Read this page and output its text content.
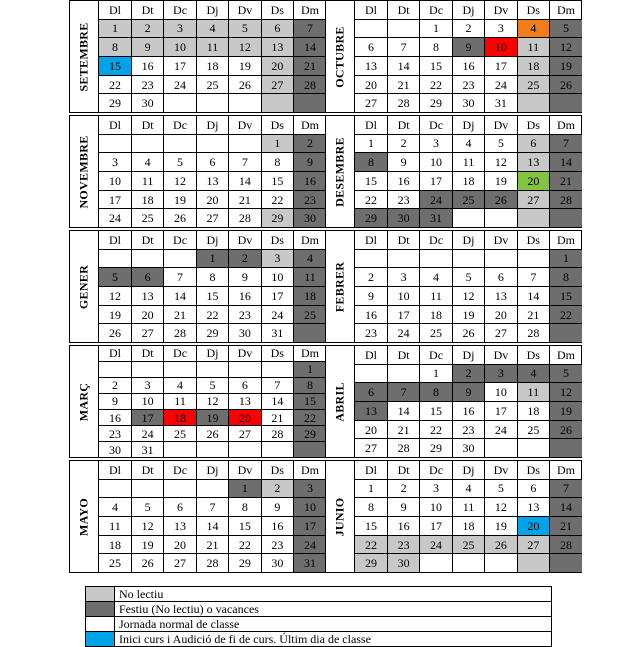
SETEMBRE
Dl	Dt	Dc	Dj	Dv	Ds	Dm
1	2	3	4	5	6	7
8	9	10	11	12	13	14
15	16	17	18	19	20	21
22	23	24	25	26	27	28
29	30					
OCTUBRE
Dl	Dt	Dc	Dj	Dv	Ds	Dm
		1	2	3	4	5
6	7	8	9	10	11	12
13	14	15	16	17	18	19
20	21	22	23	24	25	26
27	28	29	30	31		
NOVEMBRE
Dl	Dt	Dc	Dj	Dv	Ds	Dm
					1	2
3	4	5	6	7	8	9
10	11	12	13	14	15	16
17	18	19	20	21	22	23
24	25	26	27	28	29	30
DESEMBRE
Dl	Dt	Dc	Dj	Dv	Ds	Dm
1	2	3	4	5	6	7
8	9	10	11	12	13	14
15	16	17	18	19	20	21
22	23	24	25	26	27	28
29	30	31				
GENER
Dl	Dt	Dc	Dj	Dv	Ds	Dm
			1	2	3	4
5	6	7	8	9	10	11
12	13	14	15	16	17	18
19	20	21	22	23	24	25
26	27	28	29	30	31	
FEBRER
Dl	Dt	Dc	Dj	Dv	Ds	Dm
						1
2	3	4	5	6	7	8
9	10	11	12	13	14	15
16	17	18	19	20	21	22
23	24	25	26	27	28	
MARÇ
Dl	Dt	Dc	Dj	Dv	Ds	Dm
						1
2	3	4	5	6	7	8
9	10	11	12	13	14	15
16	17	18	19	20	21	22
23	24	25	26	27	28	29
30	31					
ABRIL
Dl	Dt	Dc	Dj	Dv	Ds	Dm
		1	2	3	4	5
6	7	8	9	10	11	12
13	14	15	16	17	18	19
20	21	22	23	24	25	26
27	28	29	30			
MAYO
Dl	Dt	Dc	Dj	Dv	Ds	Dm
				1	2	3
4	5	6	7	8	9	10
11	12	13	14	15	16	17
18	19	20	21	22	23	24
25	26	27	28	29	30	31
JUNIO
Dl	Dt	Dc	Dj	Dv	Ds	Dm
1	2	3	4	5	6	7
8	9	10	11	12	13	14
15	16	17	18	19	20	21
22	23	24	25	26	27	28
29	30					
	No lectiu
	Festiu (No lectiu) o vacances
	Jornada normal de classe
	Inici curs i Audició de fi de curs. Últim dia de classe
